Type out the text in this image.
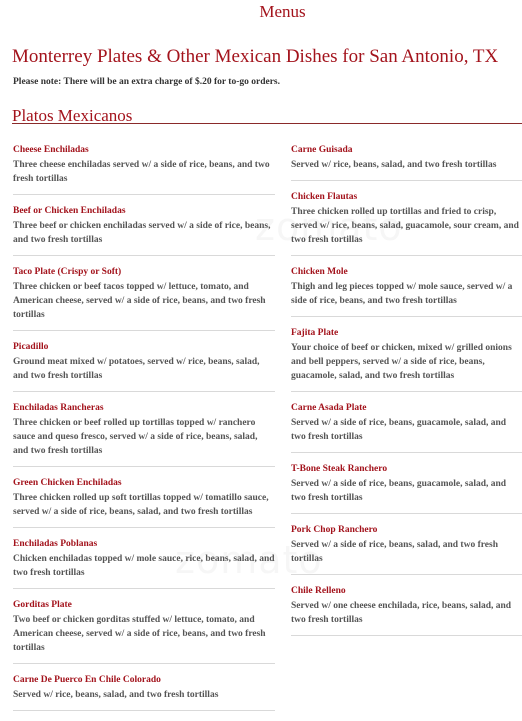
Menus
Monterrey Plates & Other Mexican Dishes for San Antonio, TX
Please note: There will be an extra charge of $.20 for to-go orders.
Platos Mexicanos
Cheese Enchiladas
Three cheese enchiladas served w/ a side of rice, beans, and two fresh tortillas
Beef or Chicken Enchiladas
Three beef or chicken enchiladas served w/ a side of rice, beans, and two fresh tortillas
Taco Plate (Crispy or Soft)
Three chicken or beef tacos topped w/ lettuce, tomato, and American cheese, served w/ a side of rice, beans, and two fresh tortillas
Picadillo
Ground meat mixed w/ potatoes, served w/ rice, beans, salad, and two fresh tortillas
Enchiladas Rancheras
Three chicken or beef rolled up tortillas topped w/ ranchero sauce and queso fresco, served w/ a side of rice, beans, salad, and two fresh tortillas
Green Chicken Enchiladas
Three chicken rolled up soft tortillas topped w/ tomatillo sauce, served w/ a side of rice, beans, salad, and two fresh tortillas
Enchiladas Poblanas
Chicken enchiladas topped w/ mole sauce, rice, beans, salad, and two fresh tortillas
Gorditas Plate
Two beef or chicken gorditas stuffed w/ lettuce, tomato, and American cheese, served w/ a side of rice, beans, and two fresh tortillas
Carne De Puerco En Chile Colorado
Served w/ rice, beans, salad, and two fresh tortillas
Carne Guisada
Served w/ rice, beans, salad, and two fresh tortillas
Chicken Flautas
Three chicken rolled up tortillas and fried to crisp, served w/ rice, beans, salad, guacamole, sour cream, and two fresh tortillas
Chicken Mole
Thigh and leg pieces topped w/ mole sauce, served w/ a side of rice, beans, and two fresh tortillas
Fajita Plate
Your choice of beef or chicken, mixed w/ grilled onions and bell peppers, served w/ a side of rice, beans, guacamole, salad, and two fresh tortillas
Carne Asada Plate
Served w/ a side of rice, beans, guacamole, salad, and two fresh tortillas
T-Bone Steak Ranchero
Served w/ a side of rice, beans, guacamole, salad, and two fresh tortillas
Pork Chop Ranchero
Served w/ a side of rice, beans, salad, and two fresh tortillas
Chile Relleno
Served w/ one cheese enchilada, rice, beans, salad, and two fresh tortillas
